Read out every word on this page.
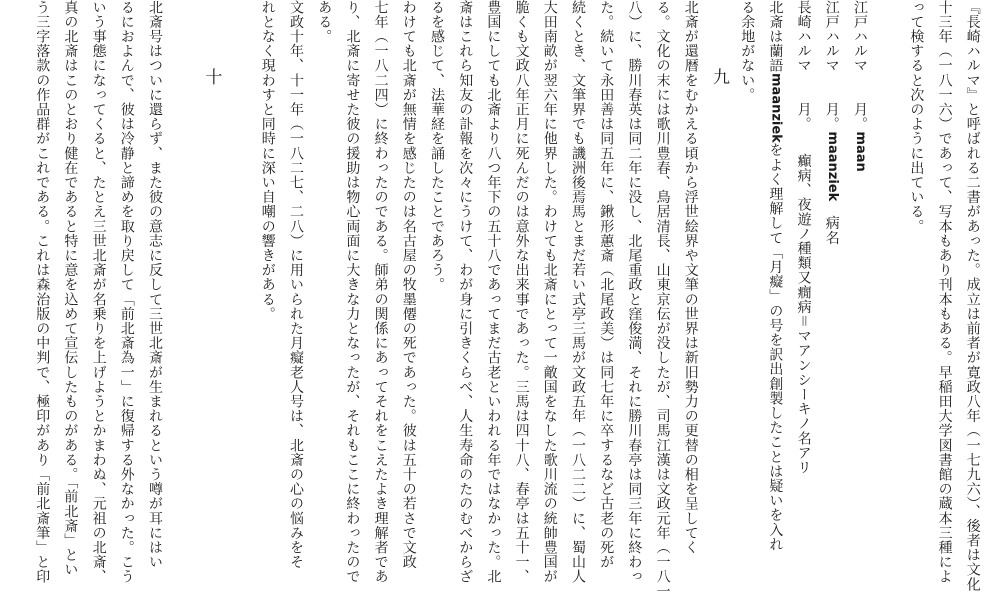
『長崎ハルマ』と呼ばれる二書があった。成立は前者が寛政八年（一七九六）、後者は文化
十三年（一八一六）であって、写本もあり刊本もある。早稲田大学図書館の蔵本三種によ
って検すると次のように出ている。
江戸ハルマ　　月。maan
江戸ハルマ　　月。maanziek　病名
長崎ハルマ　　月。　　癲病、夜遊ノ種類又癇病＝マアンシーキノ名アリ
北斎は蘭語maanziekをよく理解して「月癡」の号を訳出創製したことは疑いを入れ
る余地がない。
　　　　九
北斎が還暦をむかえる頃から浮世絵界や文筆の世界は新旧勢力の更替の相を呈してく
る。文化の末には歌川豊春、鳥居清長、山東京伝が没したが、司馬江漢は文政元年（一八一
八）に、勝川春英は同二年に没し、北尾重政と窪俊満、それに勝川春亭は同三年に終わっ
た。続いて永田善は同五年に、鍬形蕙斎（北尾政美）は同七年に卒するなど古老の死が
続くとき、文筆界でも譏洲後焉馬とまだ若い式亭三馬が文政五年（一八二二）に、蜀山人
大田南畝が翌六年に他界した。わけても北斎にとって一敵国をなした歌川流の統帥豊国が
脆くも文政八年正月に死んだのは意外な出来事であった。三馬は四十八、春亭は五十一、
豊国にしても北斎より八つ年下の五十八であってまだ古老といわれる年ではなかった。北
斎はこれら知友の訃報を次々にうけて、わが身に引きくらべ、人生寿命のたのむべからざ
るを感じて、法華経を誦したことであろう。
わけても北斎が無情を感じたのは名古屋の牧墨僊の死であった。彼は五十の若さで文政
七年（一八二四）に終わったのである。師弟の関係にあってそれをこえたよき理解者であ
り、北斎に寄せた彼の援助は物心両面に大きな力となったが、それもここに終わったので
ある。
文政十年、十一年（一八二七、二八）に用いられた月癡老人号は、北斎の心の悩みをそ
れとなく現わすと同時に深い自嘲の響きがある。
　　　　十
北斎号はついに還らず、また彼の意志に反して三世北斎が生まれるという噂が耳にはい
るにおよんで、彼は冷静と諦めを取り戻して「前北斎為一」に復帰する外なかった。こう
いう事態になってくると、たとえ三世北斎が名乗りを上げようとかまわぬ、元祖の北斎、
真の北斎はこのとおり健在であると特に意を込めて宣伝したものがある。「前北斎」とい
う三字落款の作品群がこれである。これは森治版の中判で、極印があり「前北斎筆」と印
